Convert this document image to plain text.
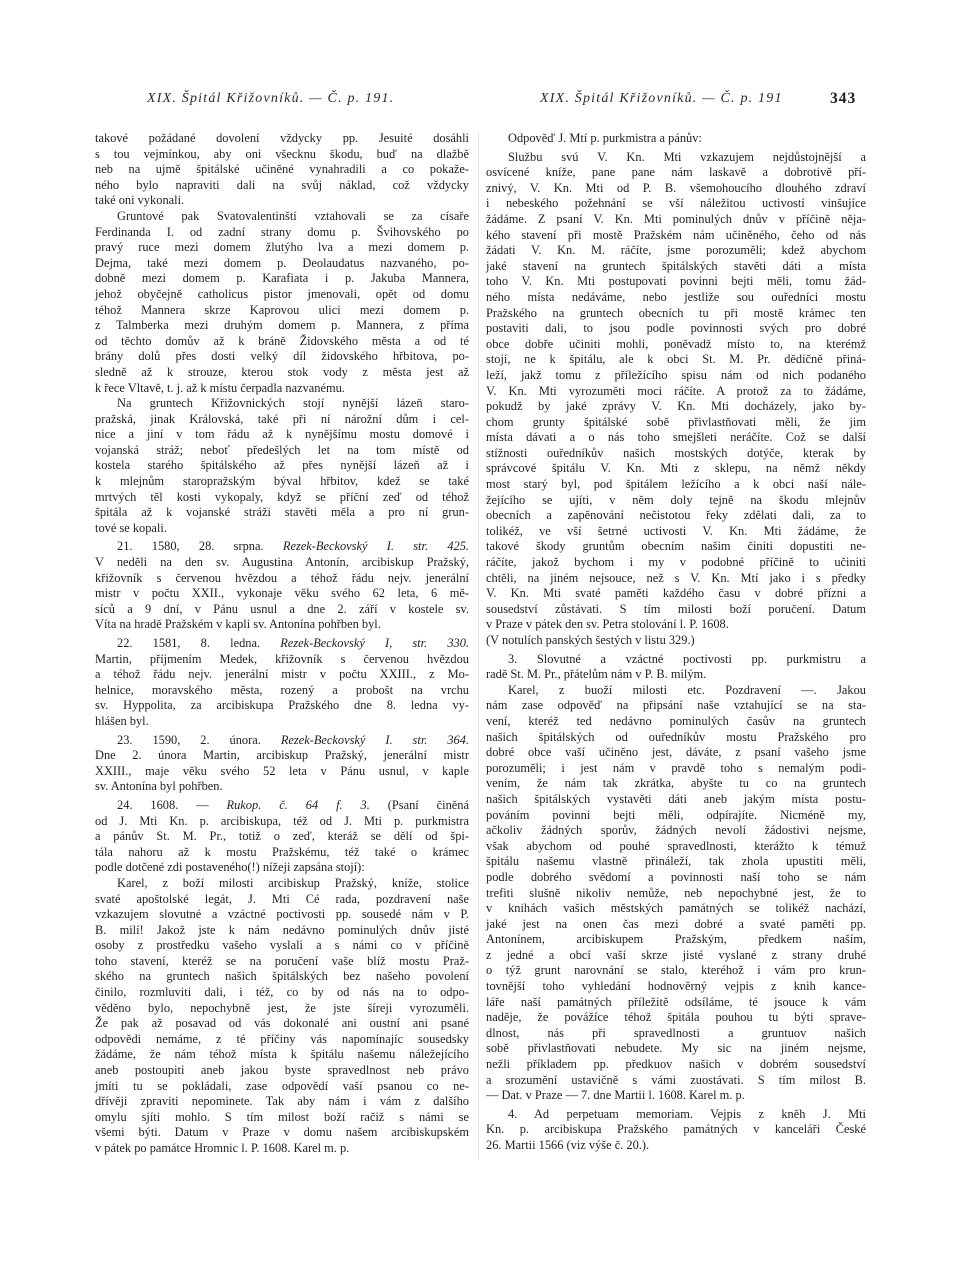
XIX. Špitál Křižovníků. — Č. p. 191.	XIX. Špitál Křižovníků. — Č. p. 191	343
takové požádané dovolení vždycky pp. Jesuité dosáhli
s tou vejmínkou, aby oni všecknu škodu, buď na dlažbě
neb na ujmě špitálské učiněné vynahradili a co pokaže-
ného bylo napraviti dali na svůj náklad, což vždycky
také oni vykonali.
Gruntové pak Svatovalentinští vztahovali se za císaře
Ferdinanda I. od zadní strany domu p. Švihovského po
pravý ruce mezi domem žlutýho lva a mezi domem p.
Dejma, také mezi domem p. Deolaudatus nazvaného, po-
dobně mezi domem p. Karafiata i p. Jakuba Mannera,
jehož obyčejně catholicus pistor jmenovali, opět od domu
téhož Mannera skrze Kaprovou ulici mezi domem p.
z Talmberka mezi druhým domem p. Mannera, z příma
od těchto domův až k bráně Židovského města a od té
brány dolů přes dosti velký díl židovského hřbitova, po-
sledně až k strouze, kterou stok vody z města jest až
k řece Vltavě, t. j. až k místu čerpadla nazvanému.
Na gruntech Křižovnických stojí nynější lázeň staro-
pražská, jinak Královská, také při ní nárožní dům i cel-
nice a jiní v tom řádu až k nynějšímu mostu domové i
vojanská stráž; neboť předešlých let na tom místě od
kostela starého špitálského až přes nynější lázeň až i
k mlejnům staropražským býval hřbitov, kdež se také
mrtvých těl kosti vykopaly, když se příční zeď od téhož
špitála až k vojanské stráži stavěti měla a pro ní grun-
tové se kopali.
21. 1580, 28. srpna. Rezek-Beckovský I. str. 425.
V neděli na den sv. Augustina Antonín, arcibiskup Pražský,
křižovník s červenou hvězdou a téhož řádu nejv. jenerální
mistr v počtu XXII., vykonaje věku svého 62 leta, 6 mě-
síců a 9 dní, v Pánu usnul a dne 2. září v kostele sv.
Víta na hradě Pražském v kapli sv. Antonína pohřben byl.
22. 1581, 8. ledna. Rezek-Beckovský I, str. 330.
Martin, příjmením Medek, křižovník s červenou hvězdou
a téhož řádu nejv. jenerální mistr v počtu XXIII., z Mo-
helnice, moravského města, rozený a probošt na vrchu
sv. Hyppolita, za arcibiskupa Pražského dne 8. ledna vy-
hlášen byl.
23. 1590, 2. února. Rezek-Beckovský I. str. 364.
Dne 2. února Martin, arcibiskup Pražský, jenerální mistr
XXIII., maje věku svého 52 leta v Pánu usnul, v kaple
sv. Antonína byl pohřben.
24. 1608. — Rukop. č. 64 f. 3. (Psaní činěná
od J. Mti Kn. p. arcibiskupa, též od J. Mti p. purkmistra
a pánův St. M. Pr., totiž o zeď, kteráž se dělí od špi-
tála nahoru až k mostu Pražskému, též také o krámec
podle dotčené zdi postaveného(!) nížeji zapsána stojí):
Karel, z boží milosti arcibiskup Pražský, kníže, stolice
svaté apoštolské legát, J. Mti Cé rada, pozdravení naše
vzkazujem slovutné a vzáctné poctivosti pp. sousedé nám v P.
B. milí! Jakož jste k nám nedávno pominulých dnův jisté
osoby z prostředku vašeho vyslali a s námi co v příčině
toho stavení, kteréž se na poručení vaše blíž mostu Praž-
ského na gruntech našich špitálských bez našeho povolení
činilo, rozmluviti dali, i též, co by od nás na to odpo-
věděno bylo, nepochybně jest, že jste šíreji vyrozuměli.
Že pak až posavad od vás dokonalé ani oustní ani psané
odpovědi nemáme, z té příčiny vás napomínajíc sousedsky
žádáme, že nám téhož místa k špitálu našemu náležejícího
aneb postoupiti aneb jakou byste spravedlnost neb právo
jmíti tu se pokládali, zase odpovědí vaší psanou co ne-
dřívěji zpraviti nepominete. Tak aby nám i vám z dalšího
omylu sjíti mohlo. S tím milost boží račiž s námi se
všemi býti. Datum v Praze v domu našem arcibiskupském
v pátek po památce Hromnic l. P. 1608. Karel m. p.
Odpověď J. Mtí p. purkmistra a pánův:
Službu svú V. Kn. Mti vzkazujem nejdůstojnější a
osvícené kníže, pane pane nám laskavě a dobrotivě pří-
znivý, V. Kn. Mti od P. B. všemohoucího dlouhého zdraví
i nebeského požehnání se vší náležitou uctivostí vinšujíce
žádáme. Z psaní V. Kn. Mti pominulých dnův v příčině něja-
kého stavení při mostě Pražském nám učiněného, čeho od nás
žádati V. Kn. M. ráčíte, jsme porozuměli; kdež abychom
jaké stavení na gruntech špitálských stavěti dáti a místa
toho V. Kn. Mti postupovati povinni bejti měli, tomu žád-
ného místa nedáváme, nebo jestliže sou ouředníci mostu
Pražského na gruntech obecních tu při mostě krámec ten
postaviti dali, to jsou podle povinnosti svých pro dobré
obce dobře učiniti mohli, poněvadž místo to, na kterémž
stojí, ne k špitálu, ale k obci St. M. Pr. dědičně přiná-
leží, jakž tomu z příležícího spisu nám od nich podaného
V. Kn. Mti vyrozuměti moci ráčíte. A protož za to žádáme,
pokudž by jaké zprávy V. Kn. Mti docházely, jako by-
chom grunty špitálské sobě přivlastňovati měli, že jim
místa dávati a o nás toho smejšleti neráčíte. Což se další
stížnosti ouředníkův našich mostských dotýče, kterak by
správcové špitálu V. Kn. Mti z sklepu, na němž někdy
most starý byl, pod špitálem ležícího a k obci naší nále-
žejícího se ujíti, v něm doly tejně na škodu mlejnův
obecních a zapěnování nečistotou řeky zdělati dali, za to
tolikéž, ve vší šetrné uctivosti V. Kn. Mti žádáme, že
takové škody gruntům obecním našim činiti dopustiti ne-
ráčíte, jakož bychom i my v podobné příčině to učiniti
chtěli, na jiném nejsouce, než s V. Kn. Mtí jako i s předky
V. Kn. Mti svaté paměti každého času v dobré přízni a
sousedství zůstávati. S tím milosti boží poručení. Datum
v Praze v pátek den sv. Petra stolování l. P. 1608.
(V notulích panských šestých v listu 329.)
3. Slovutné a vzáctné poctivosti pp. purkmistru a
radě St. M. Pr., přátelům nám v P. B. milým.
Karel, z buoží milosti etc. Pozdravení —. Jakou
nám zase odpověď na připsání naše vztahující se na sta-
vení, kteréž ted nedávno pominulých časův na gruntech
našich špitálských od ouředníkův mostu Pražského pro
dobré obce vaší učiněno jest, dáváte, z psaní vašeho jsme
porozuměli; i jest nám v pravdě toho s nemalým podi-
vením, že nám tak zkrátka, abyšte tu co na gruntech
našich špitálských vystavěti dáti aneb jakým místa postu-
pováním povinni bejti měli, odpírajíte. Nicméně my,
ačkoliv žádných sporův, žádných nevolí žádostivi nejsme,
však abychom od pouhé spravedlnosti, kterážto k témuž
špitálu našemu vlastně přináleží, tak zhola upustiti měli,
podle dobrého svědomí a povinnosti naší toho se nám
trefiti slušně nikoliv nemůže, neb nepochybné jest, že to
v knihách vašich městských památných se tolikéž nachází,
jaké jest na onen čas mezi dobré a svaté paměti pp.
Antonínem, arcibiskupem Pražským, předkem naším,
z jedné a obcí vaší skrze jisté vyslané z strany druhé
o týž grunt narovnání se stalo, kteréhož i vám pro krun-
tovnější toho vyhledání hodnověrný vejpis z knih kance-
láře naší památných příležitě odsíláme, té jsouce k vám
naděje, že povážíce téhož špitála pouhou tu býti sprave-
dlnost, nás při spravedlnosti a gruntuov našich
sobě přivlastňovati nebudete. My sic na jiném nejsme,
nežli příkladem pp. předkuov našich v dobrém sousedství
a srozumění ustavičně s vámi zuostávati. S tím milost B.
— Dat. v Praze — 7. dne Martii l. 1608. Karel m. p.
4. Ad perpetuam memoriam. Vejpis z kněh J. Mti
Kn. p. arcibiskupa Pražského památných v kanceláři České
26. Martii 1566 (viz výše č. 20.).
